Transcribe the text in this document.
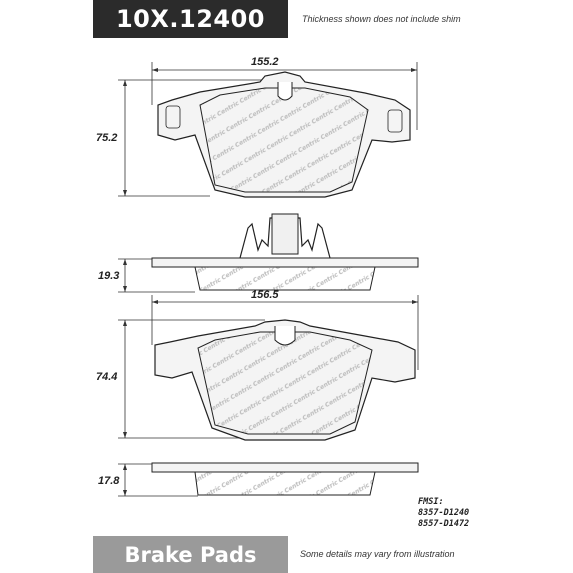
10X.12400	Thickness shown does not include shim
155.2
75.2
19.3
156.5
74.4
17.8
FMSI:
8357-D1240
8557-D1472
Brake Pads	Some details may vary from illustration
